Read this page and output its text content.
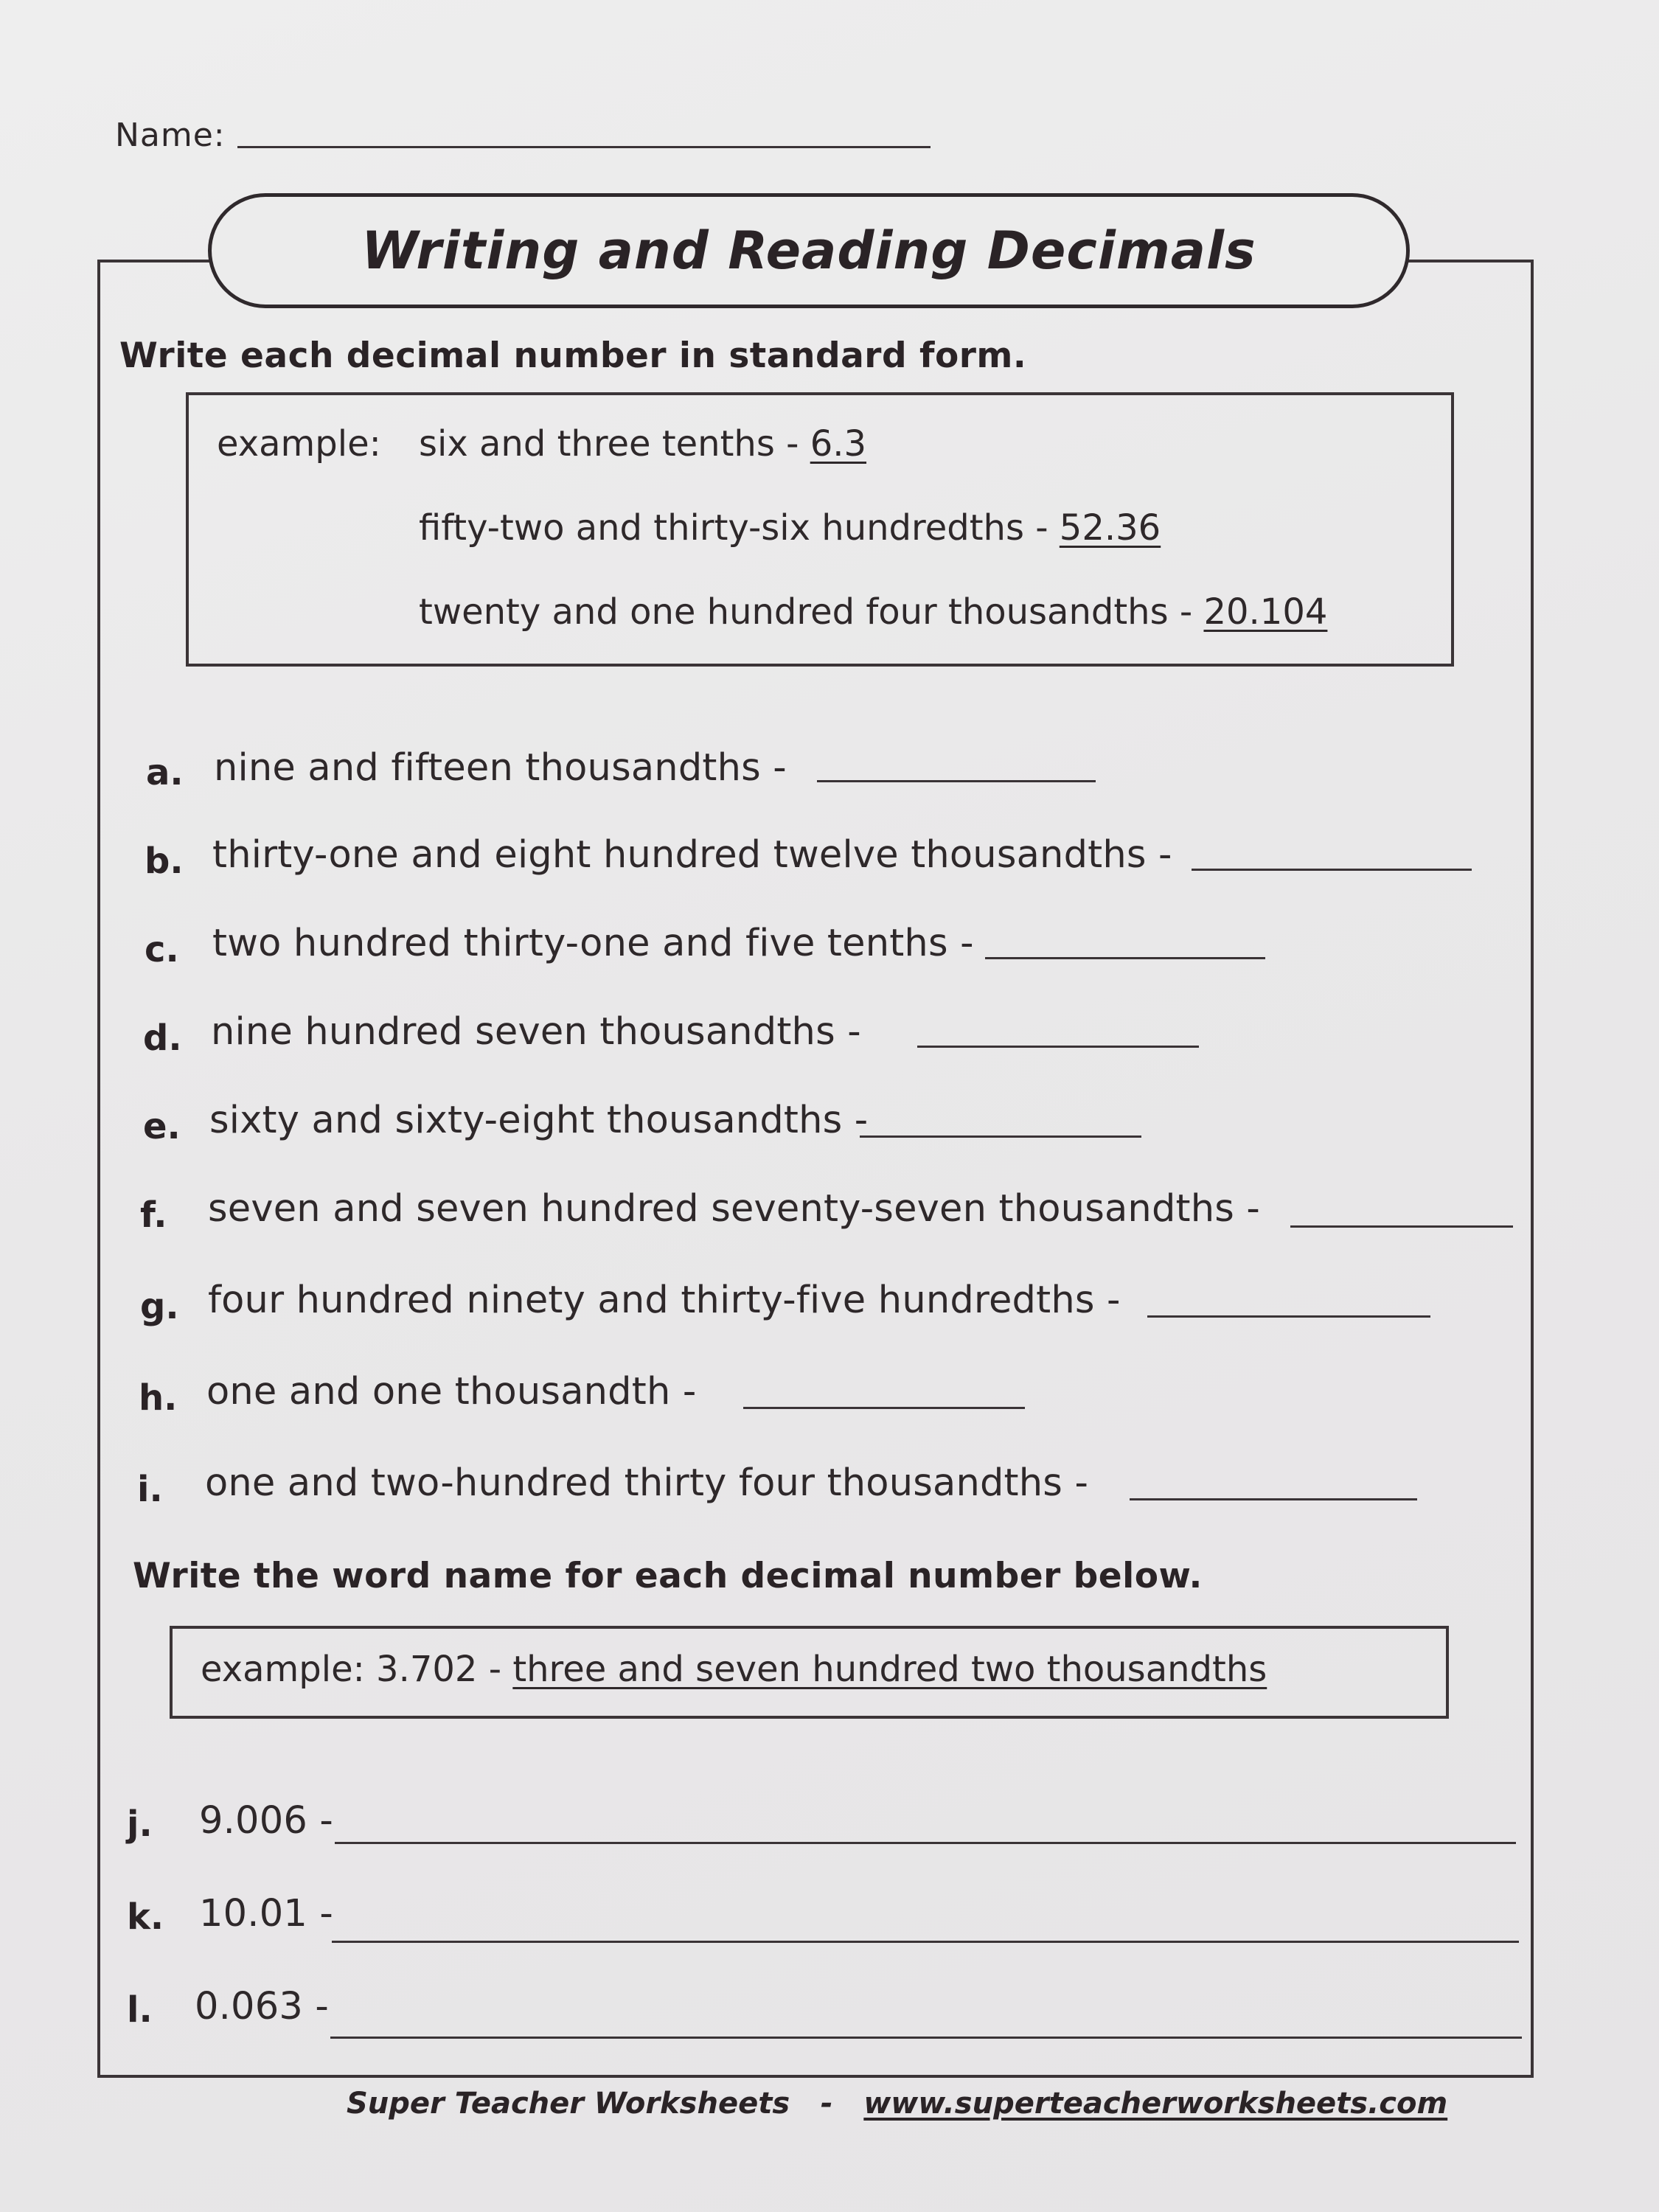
Name:
Writing and Reading Decimals
Write each decimal number in standard form.
example: six and three tenths - 6.3
fifty-two and thirty-six hundredths - 52.36
twenty and one hundred four thousandths - 20.104
a. nine and fifteen thousandths -
b. thirty-one and eight hundred twelve thousandths -
c. two hundred thirty-one and five tenths -
d. nine hundred seven thousandths -
e. sixty and sixty-eight thousandths -
f. seven and seven hundred seventy-seven thousandths -
g. four hundred ninety and thirty-five hundredths -
h. one and one thousandth -
i. one and two-hundred thirty four thousandths -
Write the word name for each decimal number below.
example: 3.702 - three and seven hundred two thousandths
j. 9.006 -
k. 10.01 -
l. 0.063 -
Super Teacher Worksheets - www.superteacherworksheets.com
